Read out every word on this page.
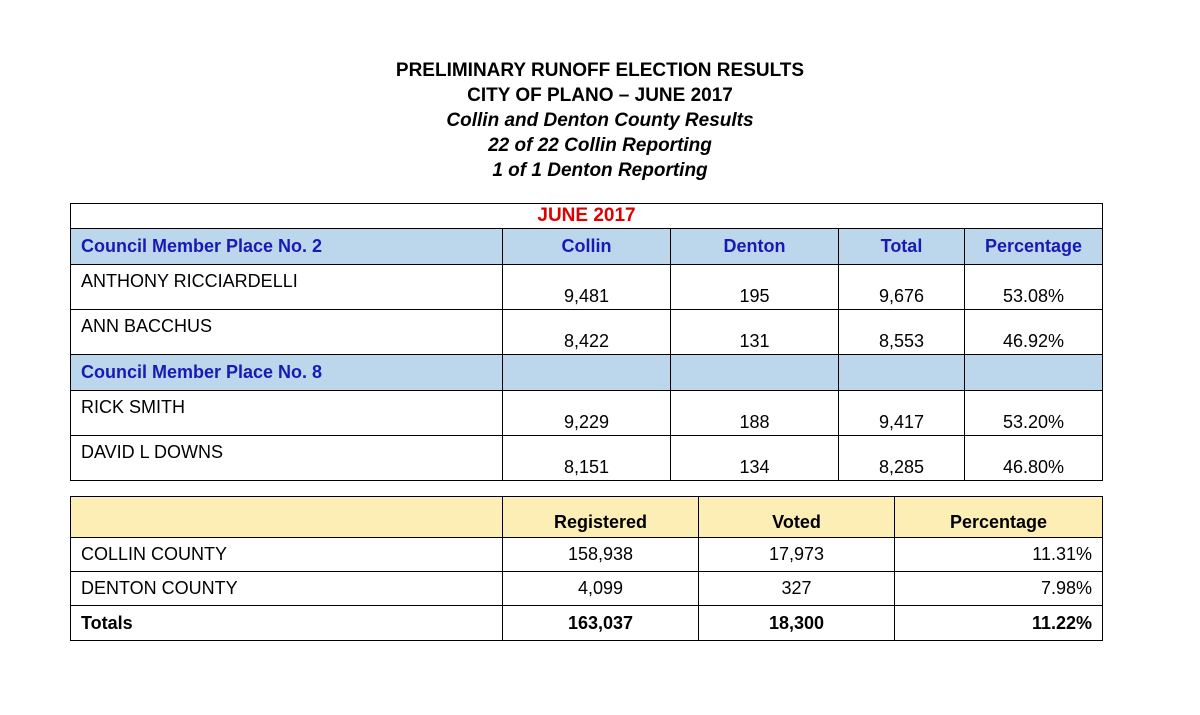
PRELIMINARY RUNOFF ELECTION RESULTS
CITY OF PLANO – JUNE 2017
Collin and Denton County Results
22 of 22 Collin Reporting
1 of 1 Denton Reporting
JUNE 2017				
Council Member Place No. 2	Collin	Denton	Total	Percentage
ANTHONY RICCIARDELLI	9,481	195	9,676	53.08%
ANN BACCHUS	8,422	131	8,553	46.92%
Council Member Place No. 8				
RICK SMITH	9,229	188	9,417	53.20%
DAVID L DOWNS	8,151	134	8,285	46.80%
	Registered	Voted	Percentage
COLLIN COUNTY	158,938	17,973	11.31%
DENTON COUNTY	4,099	327	7.98%
Totals	163,037	18,300	11.22%
